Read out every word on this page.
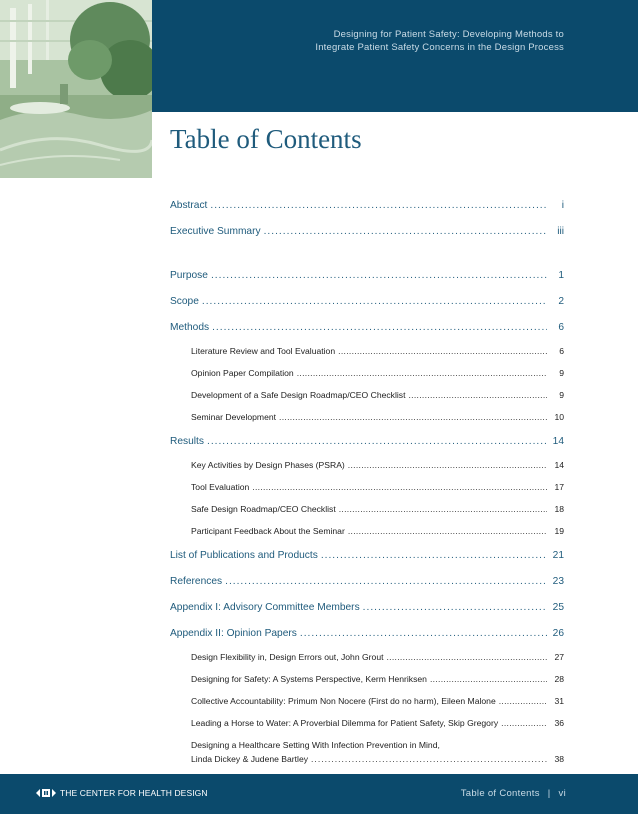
Designing for Patient Safety: Developing Methods to
Integrate Patient Safety Concerns in the Design Process
Table of Contents
Abstract .....	i
Executive Summary .....	iii
Purpose .....	1
Scope .....	2
Methods .....	6
Literature Review and Tool Evaluation .....	6
Opinion Paper Compilation .....	9
Development of a Safe Design Roadmap/CEO Checklist .....	9
Seminar Development .....	10
Results .....	14
Key Activities by Design Phases (PSRA) .....	14
Tool Evaluation .....	17
Safe Design Roadmap/CEO Checklist .....	18
Participant Feedback About the Seminar .....	19
List of Publications and Products .....	21
References .....	23
Appendix I: Advisory Committee Members .....	25
Appendix II: Opinion Papers .....	26
Design Flexibility in, Design Errors out, John Grout .....	27
Designing for Safety: A Systems Perspective, Kerm Henriksen .....	28
Collective Accountability: Primum Non Nocere (First do no harm), Eileen Malone .....	31
Leading a Horse to Water: A Proverbial Dilemma for Patient Safety, Skip Gregory .....	36
Designing a Healthcare Setting With Infection Prevention in Mind,
Linda Dickey & Judene Bartley .....	38
THE CENTER FOR HEALTH DESIGN	Table of Contents | vi
